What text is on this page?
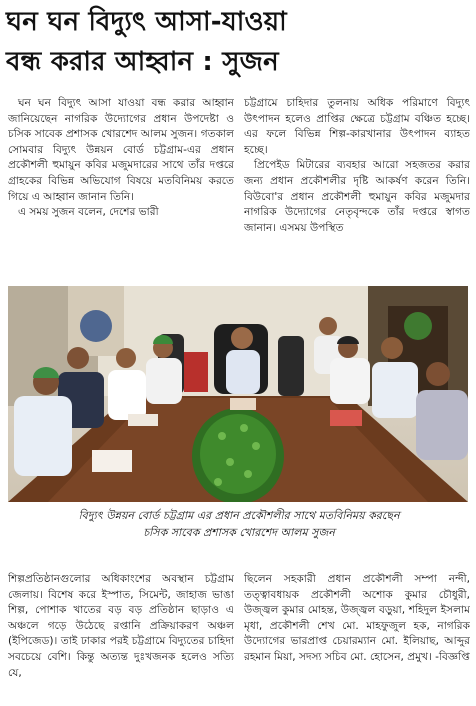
ঘন ঘন বিদ্যুৎ আসা-যাওয়া
বন্ধ করার আহ্বান : সুজন

ঘন ঘন বিদ্যুৎ আসা যাওয়া বন্ধ করার আহ্বান জানিয়েছেন নাগরিক উদ্যোগের প্রধান উপদেষ্টা ও চসিক সাবেক প্রশাসক খোরশেদ আলম সুজন। গতকাল সোমবার বিদ্যুৎ উন্নয়ন বোর্ড চট্টগ্রাম-এর প্রধান প্রকৌশলী হুমায়ুন কবির মজুমদারের সাথে তাঁর দপ্তরে গ্রাহকের বিভিন্ন অভিযোগ বিষয়ে মতবিনিময় করতে গিয়ে এ আহ্বান জানান তিনি।

এ সময় সুজন বলেন, দেশের ভারী

চট্টগ্রামে চাহিদার তুলনায় অধিক পরিমাণে বিদ্যুৎ উৎপাদন হলেও প্রাপ্তির ক্ষেত্রে চট্টগ্রাম বঞ্চিত হচ্ছে। এর ফলে বিভিন্ন শিল্প-কারখানার উৎপাদন ব্যাহত হচ্ছে।

প্রিপেইড মিটারের ব্যবহার আরো সহজতর করার জন্য প্রধান প্রকৌশলীর দৃষ্টি আকর্ষণ করেন তিনি। বিউবো'র প্রধান প্রকৌশলী হুমায়ুন কবির মজুমদার নাগরিক উদ্যোগের নেতৃবৃন্দকে তাঁর দপ্তরে স্বাগত জানান। এসময় উপস্থিত

বিদ্যুৎ উন্নয়ন বোর্ড চট্টগ্রাম এর প্রধান প্রকৌশলীর সাথে মতবিনিময় করছেন
চসিক সাবেক প্রশাসক খোরশেদ আলম সুজন

শিল্পপ্রতিষ্ঠানগুলোর অধিকাংশের অবস্থান চট্টগ্রাম জেলায়। বিশেষ করে ইস্পাত, সিমেন্ট, জাহাজ ভাঙা শিল্প, পোশাক খাতের বড় বড় প্রতিষ্ঠান ছাড়াও এ অঞ্চলে গড়ে উঠেছে রপ্তানি প্রক্রিয়াকরণ অঞ্চল (ইপিজেড)। তাই ঢাকার পরই চট্টগ্রামে বিদ্যুতের চাহিদা সবচেয়ে বেশি। কিন্তু অত্যন্ত দুঃখজনক হলেও সত্যি যে,

ছিলেন সহকারী প্রধান প্রকৌশলী সম্পা নন্দী, তত্ত্বাবধায়ক প্রকৌশলী অশোক কুমার চৌধুরী, উজ্জ্বল কুমার মোহন্ত, উজ্জ্বল বড়ুয়া, শহিদুল ইসলাম মৃধা, প্রকৌশলী শেখ মো. মাহফুজুল হক, নাগরিক উদ্যোগের ভারপ্রাপ্ত চেয়ারম্যান মো. ইলিয়াছ, আব্দুর রহমান মিয়া, সদস্য সচিব মো. হোসেন, প্রমুখ। -বিজ্ঞপ্তি
